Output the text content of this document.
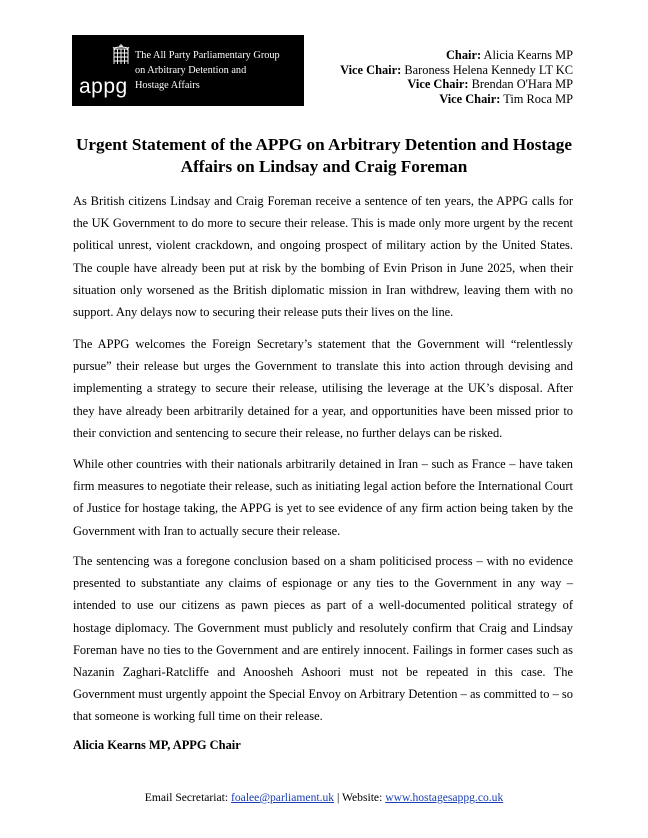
appg
The All Party Parliamentary Group
on Arbitrary Detention and
Hostage Affairs
Chair: Alicia Kearns MP
Vice Chair: Baroness Helena Kennedy LT KC
Vice Chair: Brendan O'Hara MP
Vice Chair: Tim Roca MP
Urgent Statement of the APPG on Arbitrary Detention and Hostage
Affairs on Lindsay and Craig Foreman

As British citizens Lindsay and Craig Foreman receive a sentence of ten years, the APPG calls for the UK Government to do more to secure their release. This is made only more urgent by the recent political unrest, violent crackdown, and ongoing prospect of military action by the United States. The couple have already been put at risk by the bombing of Evin Prison in June 2025, when their situation only worsened as the British diplomatic mission in Iran withdrew, leaving them with no support. Any delays now to securing their release puts their lives on the line.

The APPG welcomes the Foreign Secretary’s statement that the Government will “relentlessly pursue” their release but urges the Government to translate this into action through devising and implementing a strategy to secure their release, utilising the leverage at the UK’s disposal. After they have already been arbitrarily detained for a year, and opportunities have been missed prior to their conviction and sentencing to secure their release, no further delays can be risked.

While other countries with their nationals arbitrarily detained in Iran – such as France – have taken firm measures to negotiate their release, such as initiating legal action before the International Court of Justice for hostage taking, the APPG is yet to see evidence of any firm action being taken by the Government with Iran to actually secure their release.

The sentencing was a foregone conclusion based on a sham politicised process – with no evidence presented to substantiate any claims of espionage or any ties to the Government in any way – intended to use our citizens as pawn pieces as part of a well-documented political strategy of hostage diplomacy. The Government must publicly and resolutely confirm that Craig and Lindsay Foreman have no ties to the Government and are entirely innocent. Failings in former cases such as Nazanin Zaghari-Ratcliffe and Anoosheh Ashoori must not be repeated in this case. The Government must urgently appoint the Special Envoy on Arbitrary Detention – as committed to – so that someone is working full time on their release.

Alicia Kearns MP, APPG Chair
Email Secretariat: foalee@parliament.uk | Website: www.hostagesappg.co.uk
